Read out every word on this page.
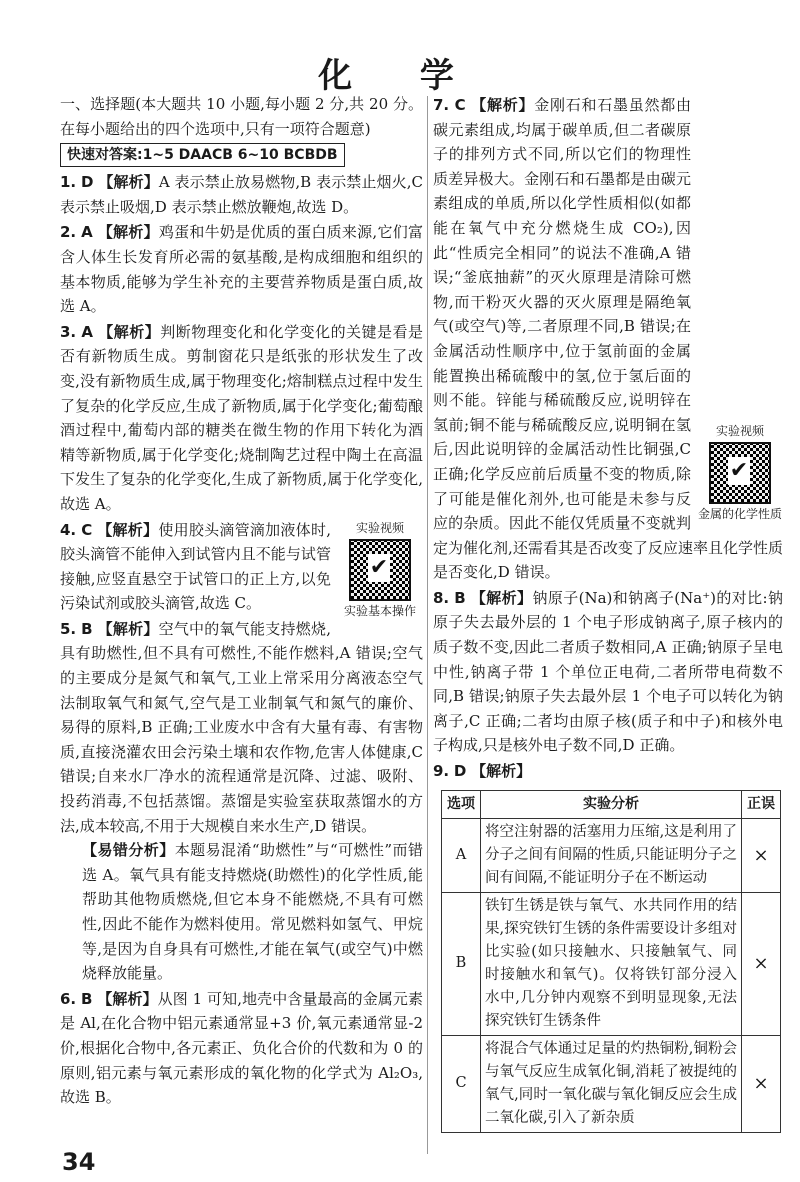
化 学

一、选择题(本大题共 10 小题,每小题 2 分,共 20 分。在每小题给出的四个选项中,只有一项符合题意)

快速对答案:1~5 DAACB 6~10 BCBDB

1. D 【解析】A 表示禁止放易燃物,B 表示禁止烟火,C 表示禁止吸烟,D 表示禁止燃放鞭炮,故选 D。

2. A 【解析】鸡蛋和牛奶是优质的蛋白质来源,它们富含人体生长发育所必需的氨基酸,是构成细胞和组织的基本物质,能够为学生补充的主要营养物质是蛋白质,故选 A。

3. A 【解析】判断物理变化和化学变化的关键是看是否有新物质生成。剪制窗花只是纸张的形状发生了改变,没有新物质生成,属于物理变化;熔制糕点过程中发生了复杂的化学反应,生成了新物质,属于化学变化;葡萄酿酒过程中,葡萄内部的糖类在微生物的作用下转化为酒精等新物质,属于化学变化;烧制陶艺过程中陶土在高温下发生了复杂的化学变化,生成了新物质,属于化学变化,故选 A。

实验视频
✔
实验基本操作
4. C 【解析】使用胶头滴管滴加液体时,胶头滴管不能伸入到试管内且不能与试管接触,应竖直悬空于试管口的正上方,以免污染试剂或胶头滴管,故选 C。

5. B 【解析】空气中的氧气能支持燃烧,具有助燃性,但不具有可燃性,不能作燃料,A 错误;空气的主要成分是氮气和氧气,工业上常采用分离液态空气法制取氧气和氮气,空气是工业制氧气和氮气的廉价、易得的原料,B 正确;工业废水中含有大量有毒、有害物质,直接浇灌农田会污染土壤和农作物,危害人体健康,C 错误;自来水厂净水的流程通常是沉降、过滤、吸附、投药消毒,不包括蒸馏。蒸馏是实验室获取蒸馏水的方法,成本较高,不用于大规模自来水生产,D 错误。

【易错分析】本题易混淆“助燃性”与“可燃性”而错选 A。氧气具有能支持燃烧(助燃性)的化学性质,能帮助其他物质燃烧,但它本身不能燃烧,不具有可燃性,因此不能作为燃料使用。常见燃料如氢气、甲烷等,是因为自身具有可燃性,才能在氧气(或空气)中燃烧释放能量。

6. B 【解析】从图 1 可知,地壳中含量最高的金属元素是 Al,在化合物中铝元素通常显+3 价,氧元素通常显-2 价,根据化合物中,各元素正、负化合价的代数和为 0 的原则,铝元素与氧元素形成的氧化物的化学式为 Al₂O₃,故选 B。

实验视频
✔
金属的化学性质
7. C 【解析】金刚石和石墨虽然都由碳元素组成,均属于碳单质,但二者碳原子的排列方式不同,所以它们的物理性质差异极大。金刚石和石墨都是由碳元素组成的单质,所以化学性质相似(如都能在氧气中充分燃烧生成 CO₂),因此“性质完全相同”的说法不准确,A 错误;“釜底抽薪”的灭火原理是清除可燃物,而干粉灭火器的灭火原理是隔绝氧气(或空气)等,二者原理不同,B 错误;在金属活动性顺序中,位于氢前面的金属能置换出稀硫酸中的氢,位于氢后面的则不能。锌能与稀硫酸反应,说明锌在氢前;铜不能与稀硫酸反应,说明铜在氢后,因此说明锌的金属活动性比铜强,C 正确;化学反应前后质量不变的物质,除了可能是催化剂外,也可能是未参与反应的杂质。因此不能仅凭质量不变就判定为催化剂,还需看其是否改变了反应速率且化学性质是否变化,D 错误。

8. B 【解析】钠原子(Na)和钠离子(Na⁺)的对比:钠原子失去最外层的 1 个电子形成钠离子,原子核内的质子数不变,因此二者质子数相同,A 正确;钠原子呈电中性,钠离子带 1 个单位正电荷,二者所带电荷数不同,B 错误;钠原子失去最外层 1 个电子可以转化为钠离子,C 正确;二者均由原子核(质子和中子)和核外电子构成,只是核外电子数不同,D 正确。

9. D 【解析】

选项	实验分析	正误
A	将空注射器的活塞用力压缩,这是利用了分子之间有间隔的性质,只能证明分子之间有间隔,不能证明分子在不断运动	×
B	铁钉生锈是铁与氧气、水共同作用的结果,探究铁钉生锈的条件需要设计多组对比实验(如只接触水、只接触氧气、同时接触水和氧气)。仅将铁钉部分浸入水中,几分钟内观察不到明显现象,无法探究铁钉生锈条件	×
C	将混合气体通过足量的灼热铜粉,铜粉会与氧气反应生成氧化铜,消耗了被提纯的氧气,同时一氧化碳与氧化铜反应会生成二氧化碳,引入了新杂质	×
34
